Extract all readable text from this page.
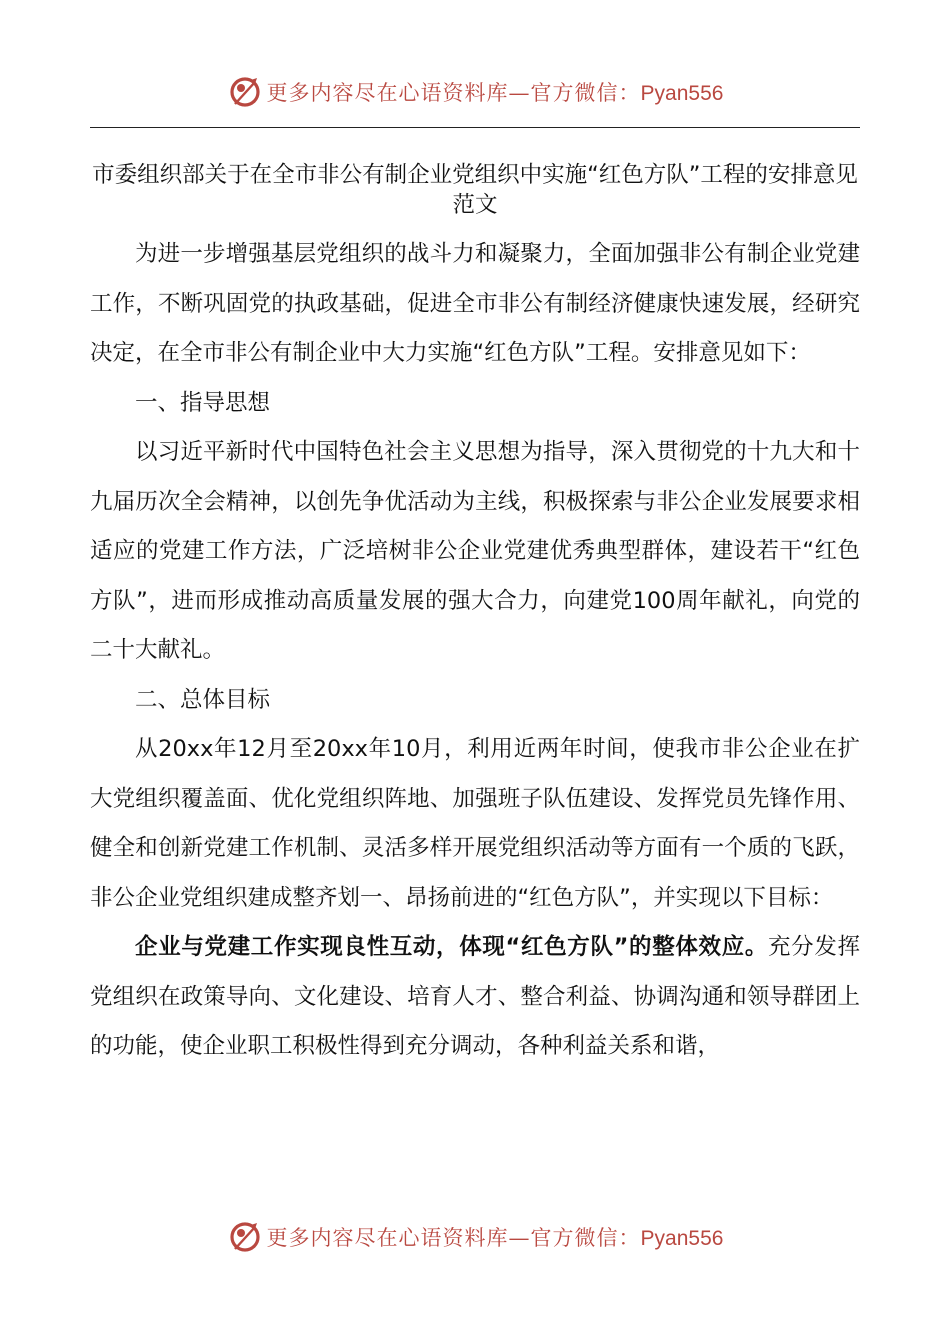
更多内容尽在心语资料库—官方微信：Pyan556
市委组织部关于在全市非公有制企业党组织中实施“红色方队”工程的安排意见范文

为进一步增强基层党组织的战斗力和凝聚力，全面加强非公有制企业党建工作，不断巩固党的执政基础，促进全市非公有制经济健康快速发展，经研究决定，在全市非公有制企业中大力实施“红色方队”工程。安排意见如下：

一、指导思想

以习近平新时代中国特色社会主义思想为指导，深入贯彻党的十九大和十九届历次全会精神，以创先争优活动为主线，积极探索与非公企业发展要求相适应的党建工作方法，广泛培树非公企业党建优秀典型群体，建设若干“红色方队”，进而形成推动高质量发展的强大合力，向建党100周年献礼，向党的二十大献礼。

二、总体目标

从20xx年12月至20xx年10月，利用近两年时间，使我市非公企业在扩大党组织覆盖面、优化党组织阵地、加强班子队伍建设、发挥党员先锋作用、健全和创新党建工作机制、灵活多样开展党组织活动等方面有一个质的飞跃，非公企业党组织建成整齐划一、昂扬前进的“红色方队”，并实现以下目标：

企业与党建工作实现良性互动，体现“红色方队”的整体效应。充分发挥党组织在政策导向、文化建设、培育人才、整合利益、协调沟通和领导群团上的功能，使企业职工积极性得到充分调动，各种利益关系和谐，

更多内容尽在心语资料库—官方微信：Pyan556
